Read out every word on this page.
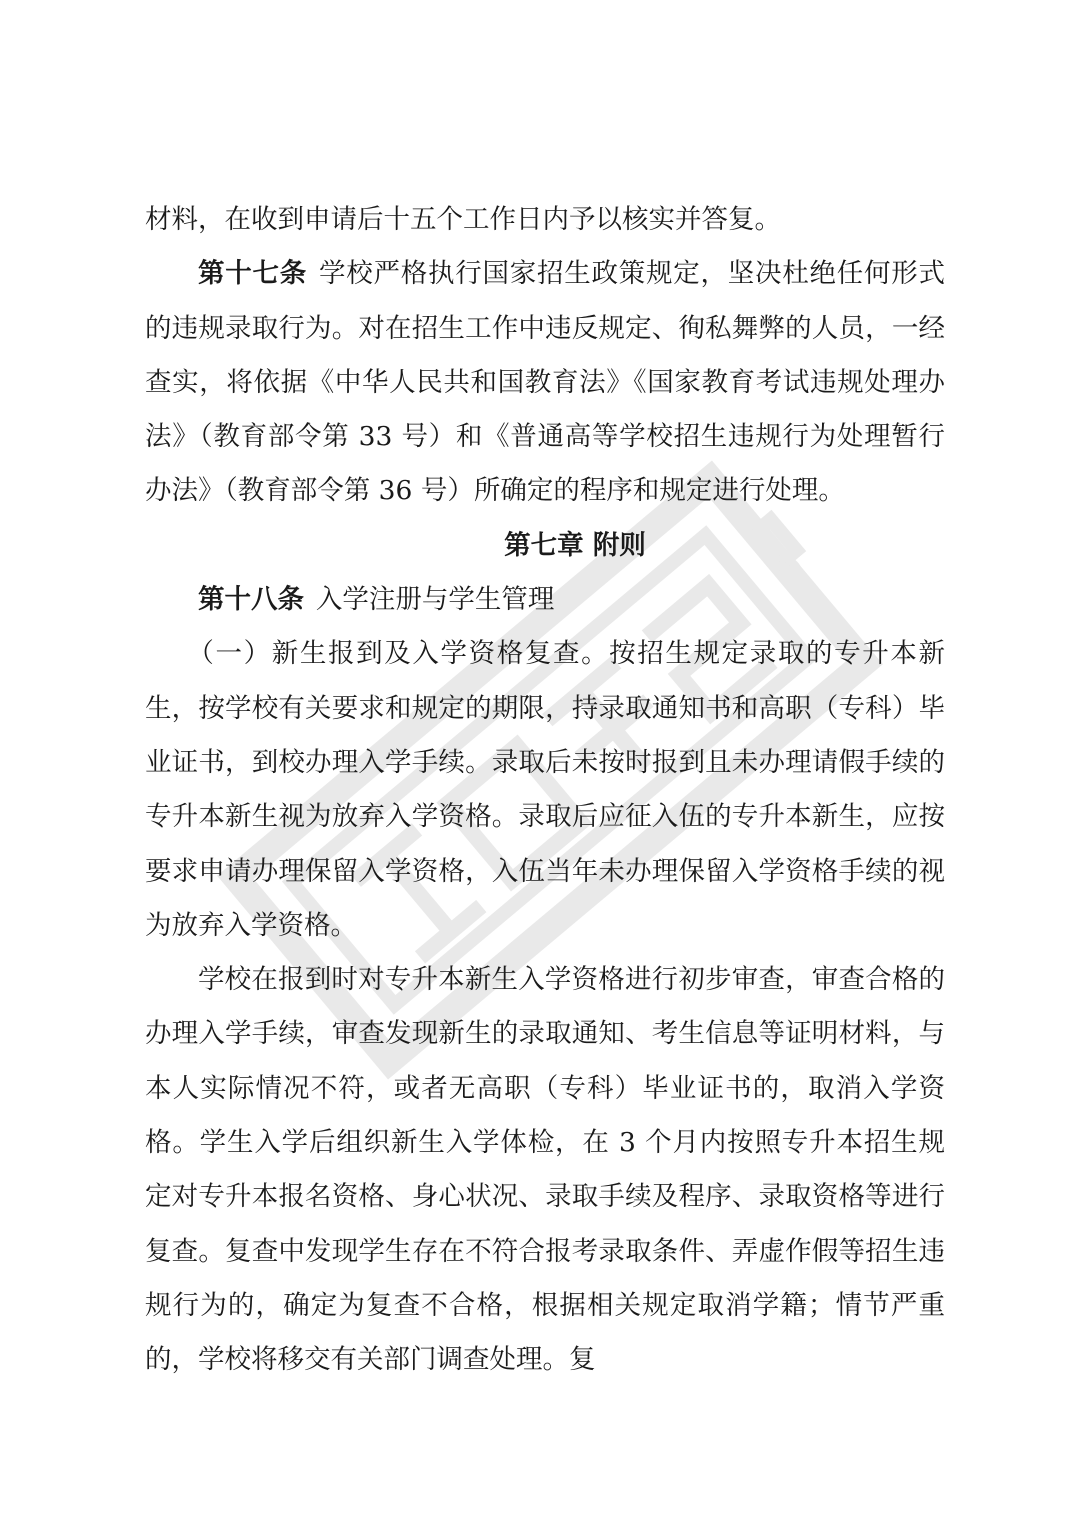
材料，在收到申请后十五个工作日内予以核实并答复。

第十七条 学校严格执行国家招生政策规定，坚决杜绝任何形式的违规录取行为。对在招生工作中违反规定、徇私舞弊的人员，一经查实，将依据《中华人民共和国教育法》《国家教育考试违规处理办法》（教育部令第 33 号）和《普通高等学校招生违规行为处理暂行办法》（教育部令第 36 号）所确定的程序和规定进行处理。

第七章 附则

第十八条 入学注册与学生管理

（一）新生报到及入学资格复查。按招生规定录取的专升本新生，按学校有关要求和规定的期限，持录取通知书和高职（专科）毕业证书，到校办理入学手续。录取后未按时报到且未办理请假手续的专升本新生视为放弃入学资格。录取后应征入伍的专升本新生，应按要求申请办理保留入学资格，入伍当年未办理保留入学资格手续的视为放弃入学资格。

学校在报到时对专升本新生入学资格进行初步审查，审查合格的办理入学手续，审查发现新生的录取通知、考生信息等证明材料，与本人实际情况不符，或者无高职（专科）毕业证书的，取消入学资格。学生入学后组织新生入学体检，在 3 个月内按照专升本招生规定对专升本报名资格、身心状况、录取手续及程序、录取资格等进行复查。复查中发现学生存在不符合报考录取条件、弄虚作假等招生违规行为的，确定为复查不合格，根据相关规定取消学籍；情节严重的，学校将移交有关部门调查处理。复
